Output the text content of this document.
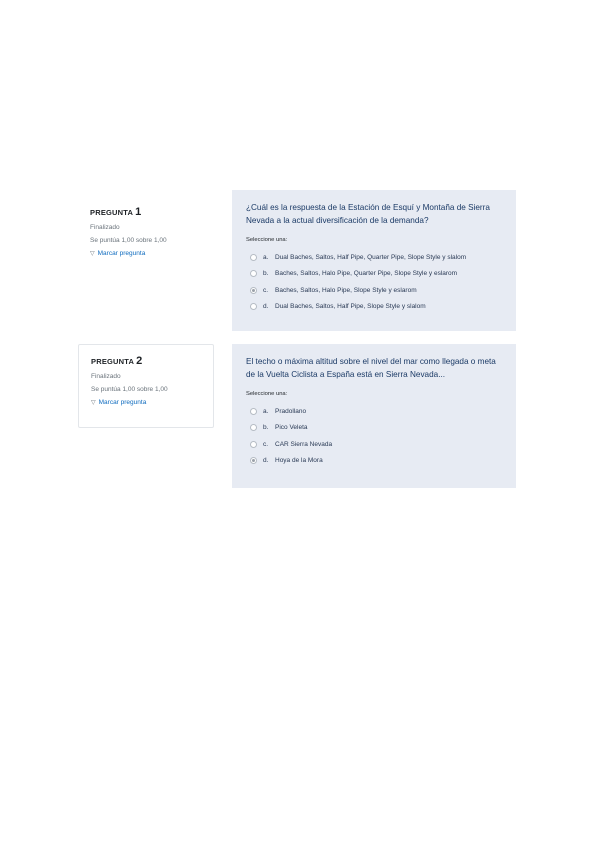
PREGUNTA 1
Finalizado
Se puntúa 1,00 sobre 1,00
▽ Marcar pregunta

¿Cuál es la respuesta de la Estación de Esquí y Montaña de Sierra Nevada a la actual diversificación de la demanda?

Seleccione una:

a.	Dual Baches, Saltos, Half Pipe, Quarter Pipe, Slope Style y slalom
b.	Baches, Saltos, Halo Pipe, Quarter Pipe, Slope Style y eslarom
c.	Baches, Saltos, Halo Pipe, Slope Style y eslarom
d.	Dual Baches, Saltos, Half Pipe, Slope Style y slalom
PREGUNTA 2
Finalizado
Se puntúa 1,00 sobre 1,00
▽ Marcar pregunta

El techo o máxima altitud sobre el nivel del mar como llegada o meta de la Vuelta Ciclista a España está en Sierra Nevada...

Seleccione una:

a.	Pradollano
b.	Pico Veleta
c.	CAR Sierra Nevada
d.	Hoya de la Mora
